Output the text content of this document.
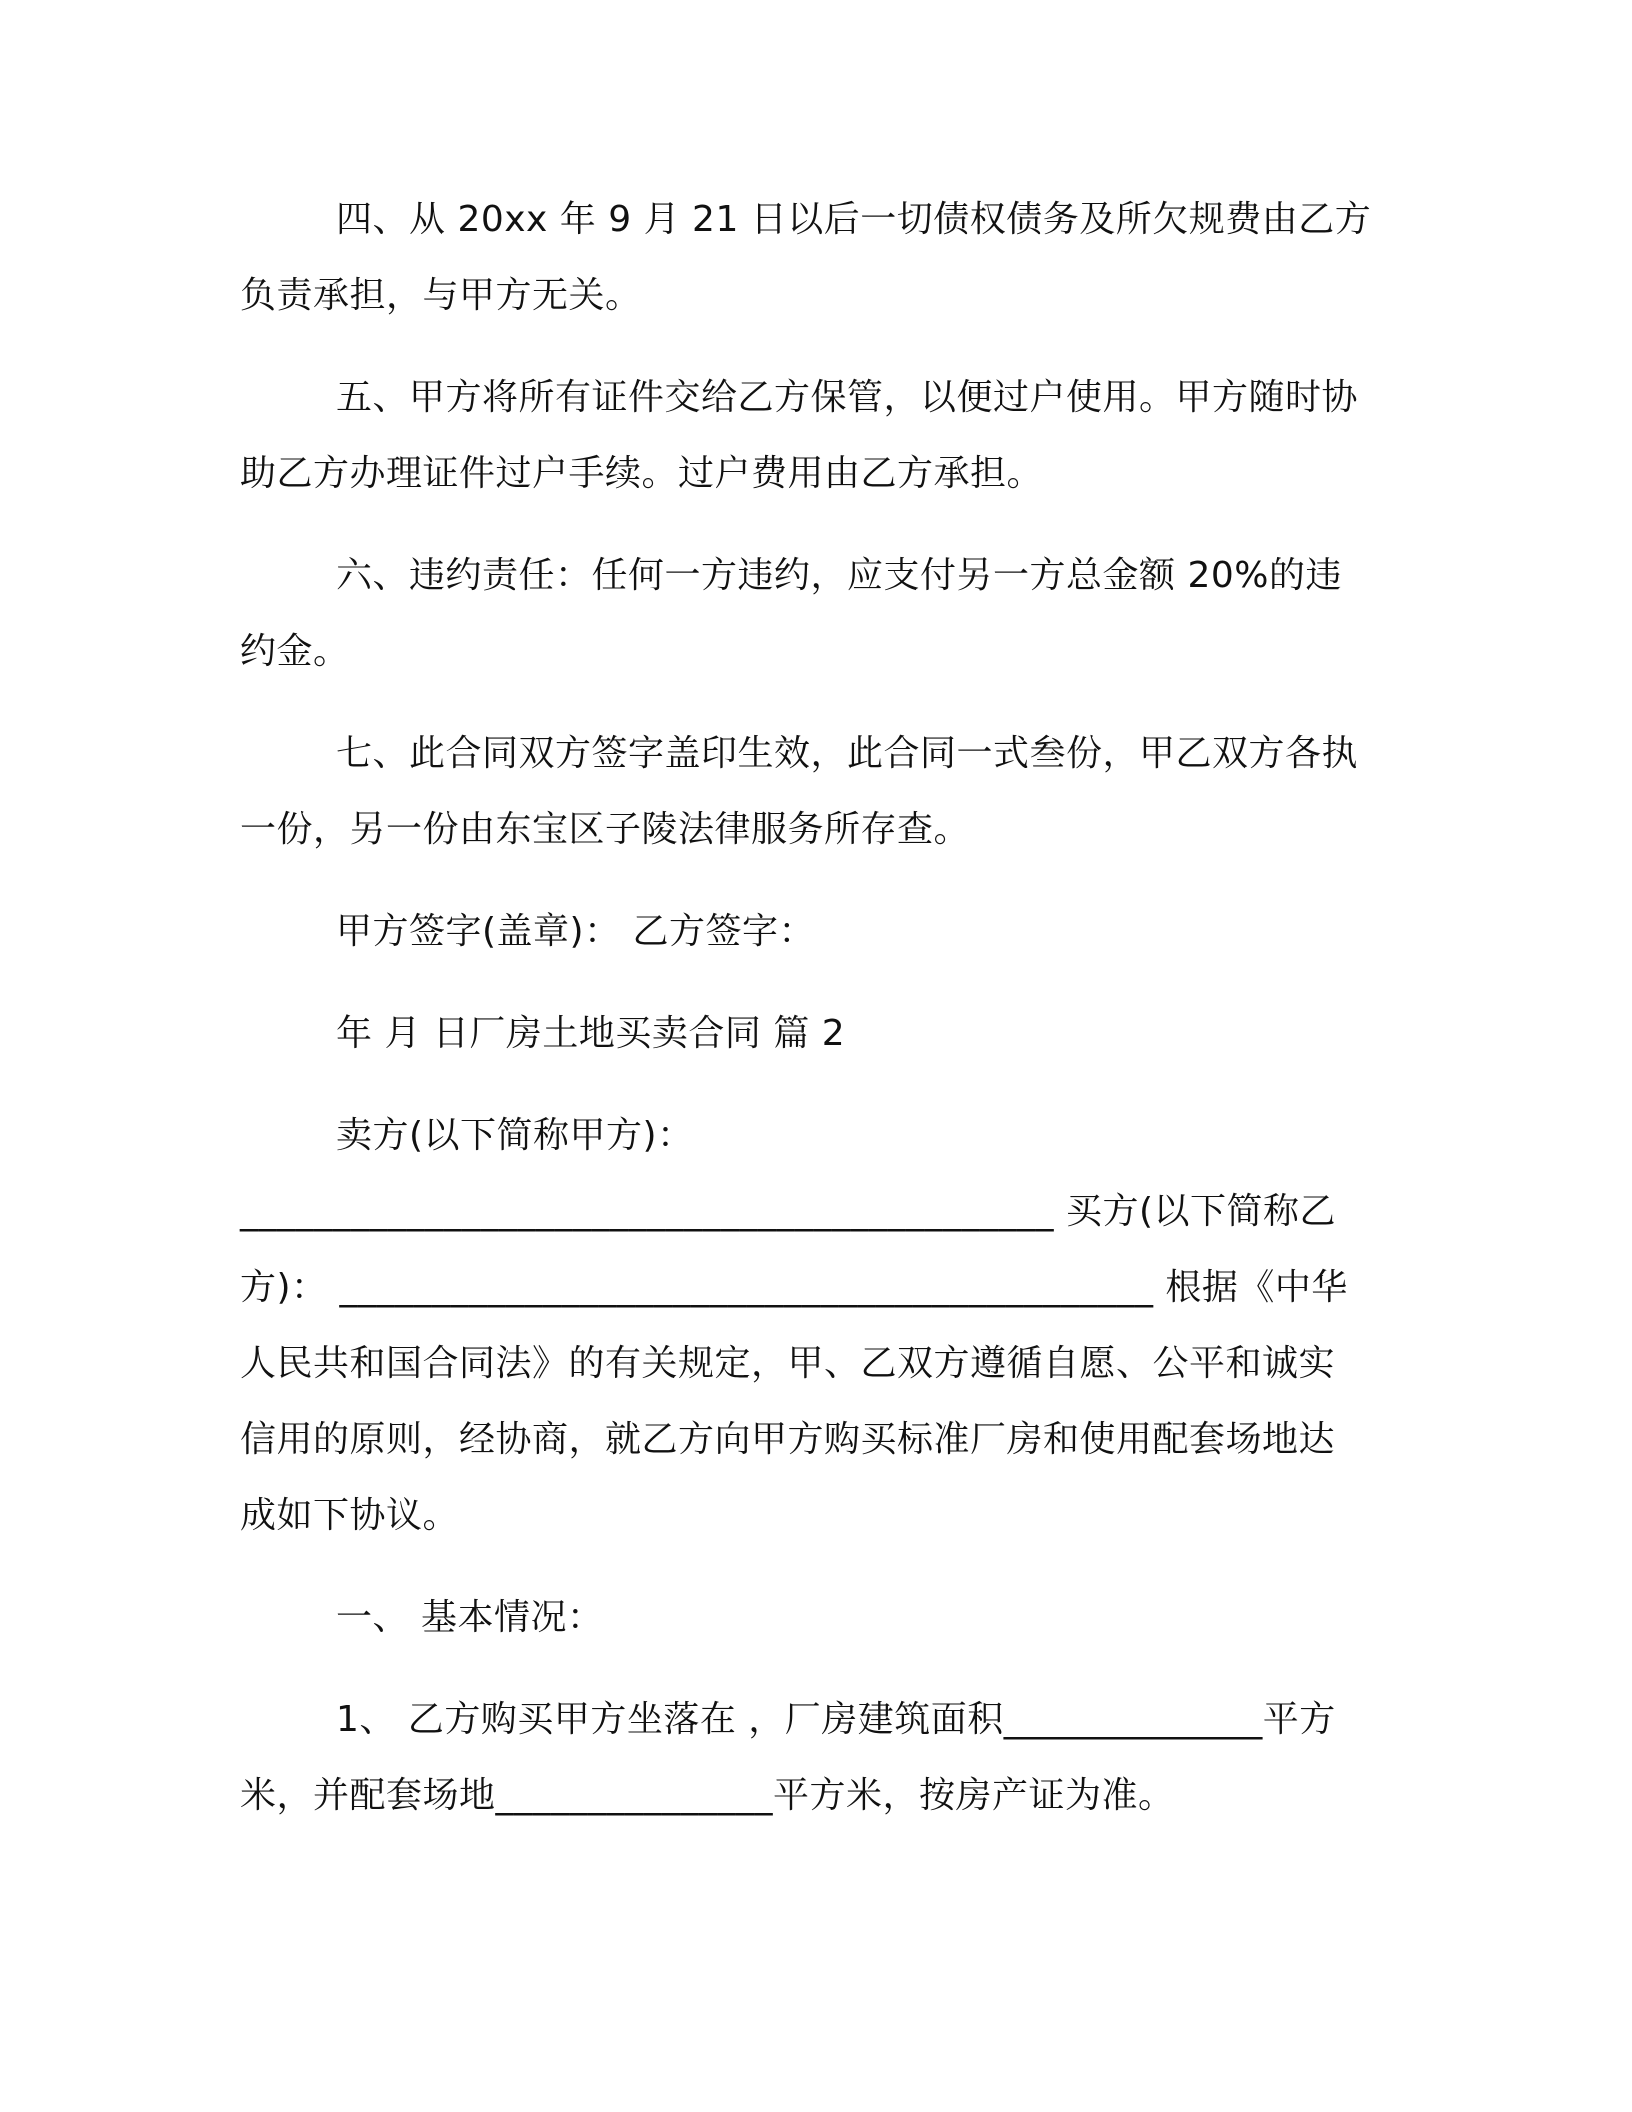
四、从 20xx 年 9 月 21 日以后一切债权债务及所欠规费由乙方
负责承担，与甲方无关。
五、甲方将所有证件交给乙方保管，以便过户使用。甲方随时协
助乙方办理证件过户手续。过户费用由乙方承担。
六、违约责任：任何一方违约，应支付另一方总金额 20%的违
约金。
七、此合同双方签字盖印生效，此合同一式叁份，甲乙双方各执
一份，另一份由东宝区子陵法律服务所存查。
甲方签字(盖章)： 乙方签字：
年 月 日厂房土地买卖合同 篇 2
卖方(以下简称甲方)：
____________________________________________ 买方(以下简称乙
方)： ____________________________________________ 根据《中华
人民共和国合同法》的有关规定，甲、乙双方遵循自愿、公平和诚实
信用的原则，经协商，就乙方向甲方购买标准厂房和使用配套场地达
成如下协议。
一、 基本情况：
1、 乙方购买甲方坐落在 ，厂房建筑面积______________平方
米，并配套场地_______________平方米，按房产证为准。
